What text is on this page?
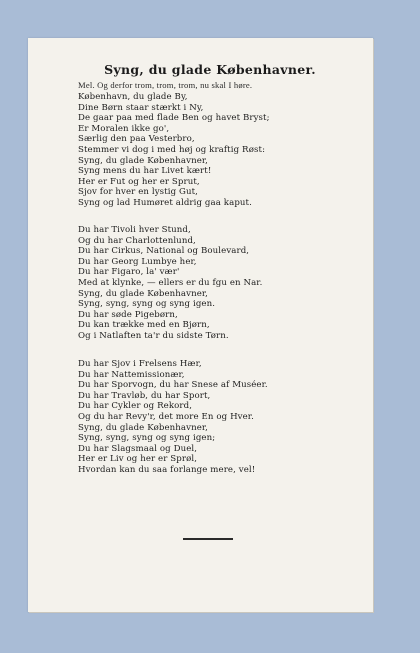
Syng, du glade Københavner.
Mel. Og derfor trom, trom, trom, nu skal I høre.
København, du glade By,
Dine Børn staar stærkt i Ny,
De gaar paa med flade Ben og havet Bryst;
Er Moralen ikke go',
Særlig den paa Vesterbro,
Stemmer vi dog i med høj og kraftig Røst:
Syng, du glade Københavner,
Syng mens du har Livet kært!
Her er Fut og her er Sprut,
Sjov for hver en lystig Gut,
Syng og lad Humøret aldrig gaa kaput.
Du har Tivoli hver Stund,
Og du har Charlottenlund,
Du har Cirkus, National og Boulevard,
Du har Georg Lumbye her,
Du har Figaro, la' vær'
Med at klynke, — ellers er du fgu en Nar.
Syng, du glade Københavner,
Syng, syng, syng og syng igen.
Du har søde Pigebørn,
Du kan trække med en Bjørn,
Og i Natlaften ta'r du sidste Tørn.
Du har Sjov i Frelsens Hær,
Du har Nattemissionær,
Du har Sporvogn, du har Snese af Muséer.
Du har Travløb, du har Sport,
Du har Cykler og Rekord,
Og du har Revy'r, det more En og Hver.
Syng, du glade Københavner,
Syng, syng, syng og syng igen;
Du har Slagsmaal og Duel,
Her er Liv og her er Sprøl,
Hvordan kan du saa forlange mere, vel!
